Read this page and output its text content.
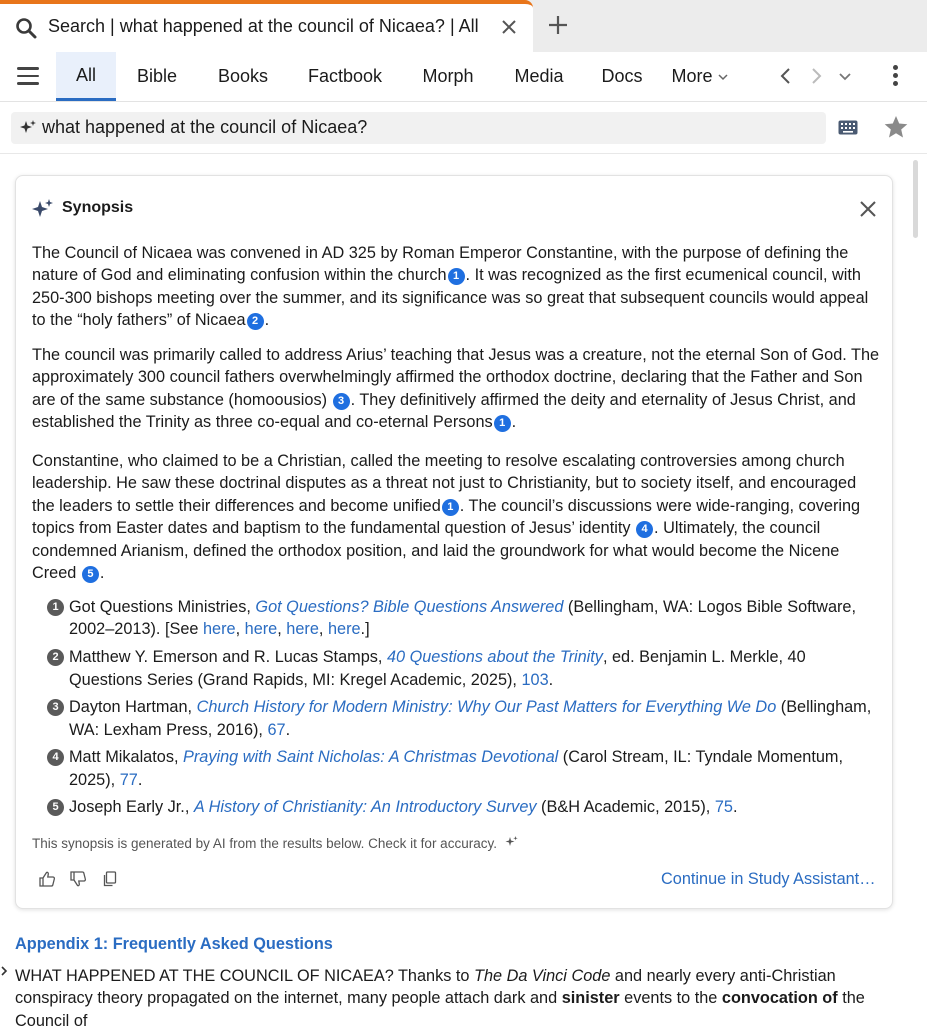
Search | what happened at the council of Nicaea? | All
All	Bible	Books	Factbook	Morph	Media	Docs	More
what happened at the council of Nicaea?
Synopsis
The Council of Nicaea was convened in AD 325 by Roman Emperor Constantine, with the purpose of defining the nature of God and eliminating confusion within the church 1 . It was recognized as the first ecumenical council, with 250-300 bishops meeting over the summer, and its significance was so great that subsequent councils would appeal to the “holy fathers” of Nicaea 2 .
The council was primarily called to address Arius’ teaching that Jesus was a creature, not the eternal Son of God. The approximately 300 council fathers overwhelmingly affirmed the orthodox doctrine, declaring that the Father and Son are of the same substance (homoousios) 3 . They definitively affirmed the deity and eternality of Jesus Christ, and established the Trinity as three co-equal and co-eternal Persons 1 .
Constantine, who claimed to be a Christian, called the meeting to resolve escalating controversies among church leadership. He saw these doctrinal disputes as a threat not just to Christianity, but to society itself, and encouraged the leaders to settle their differences and become unified 1 . The council’s discussions were wide-ranging, covering topics from Easter dates and baptism to the fundamental question of Jesus’ identity 4 . Ultimately, the council condemned Arianism, defined the orthodox position, and laid the groundwork for what would become the Nicene Creed 5 .
1 Got Questions Ministries, Got Questions? Bible Questions Answered (Bellingham, WA: Logos Bible Software, 2002–2013). [See here, here, here, here.]
2 Matthew Y. Emerson and R. Lucas Stamps, 40 Questions about the Trinity, ed. Benjamin L. Merkle, 40 Questions Series (Grand Rapids, MI: Kregel Academic, 2025), 103.
3 Dayton Hartman, Church History for Modern Ministry: Why Our Past Matters for Everything We Do (Bellingham, WA: Lexham Press, 2016), 67.
4 Matt Mikalatos, Praying with Saint Nicholas: A Christmas Devotional (Carol Stream, IL: Tyndale Momentum, 2025), 77.
5 Joseph Early Jr., A History of Christianity: An Introductory Survey (B&H Academic, 2015), 75.
This synopsis is generated by AI from the results below. Check it for accuracy.
Continue in Study Assistant…
Appendix 1: Frequently Asked Questions
WHAT HAPPENED AT THE COUNCIL OF NICAEA? Thanks to The Da Vinci Code and nearly every anti-Christian conspiracy theory propagated on the internet, many people attach dark and sinister events to the convocation of the Council of
